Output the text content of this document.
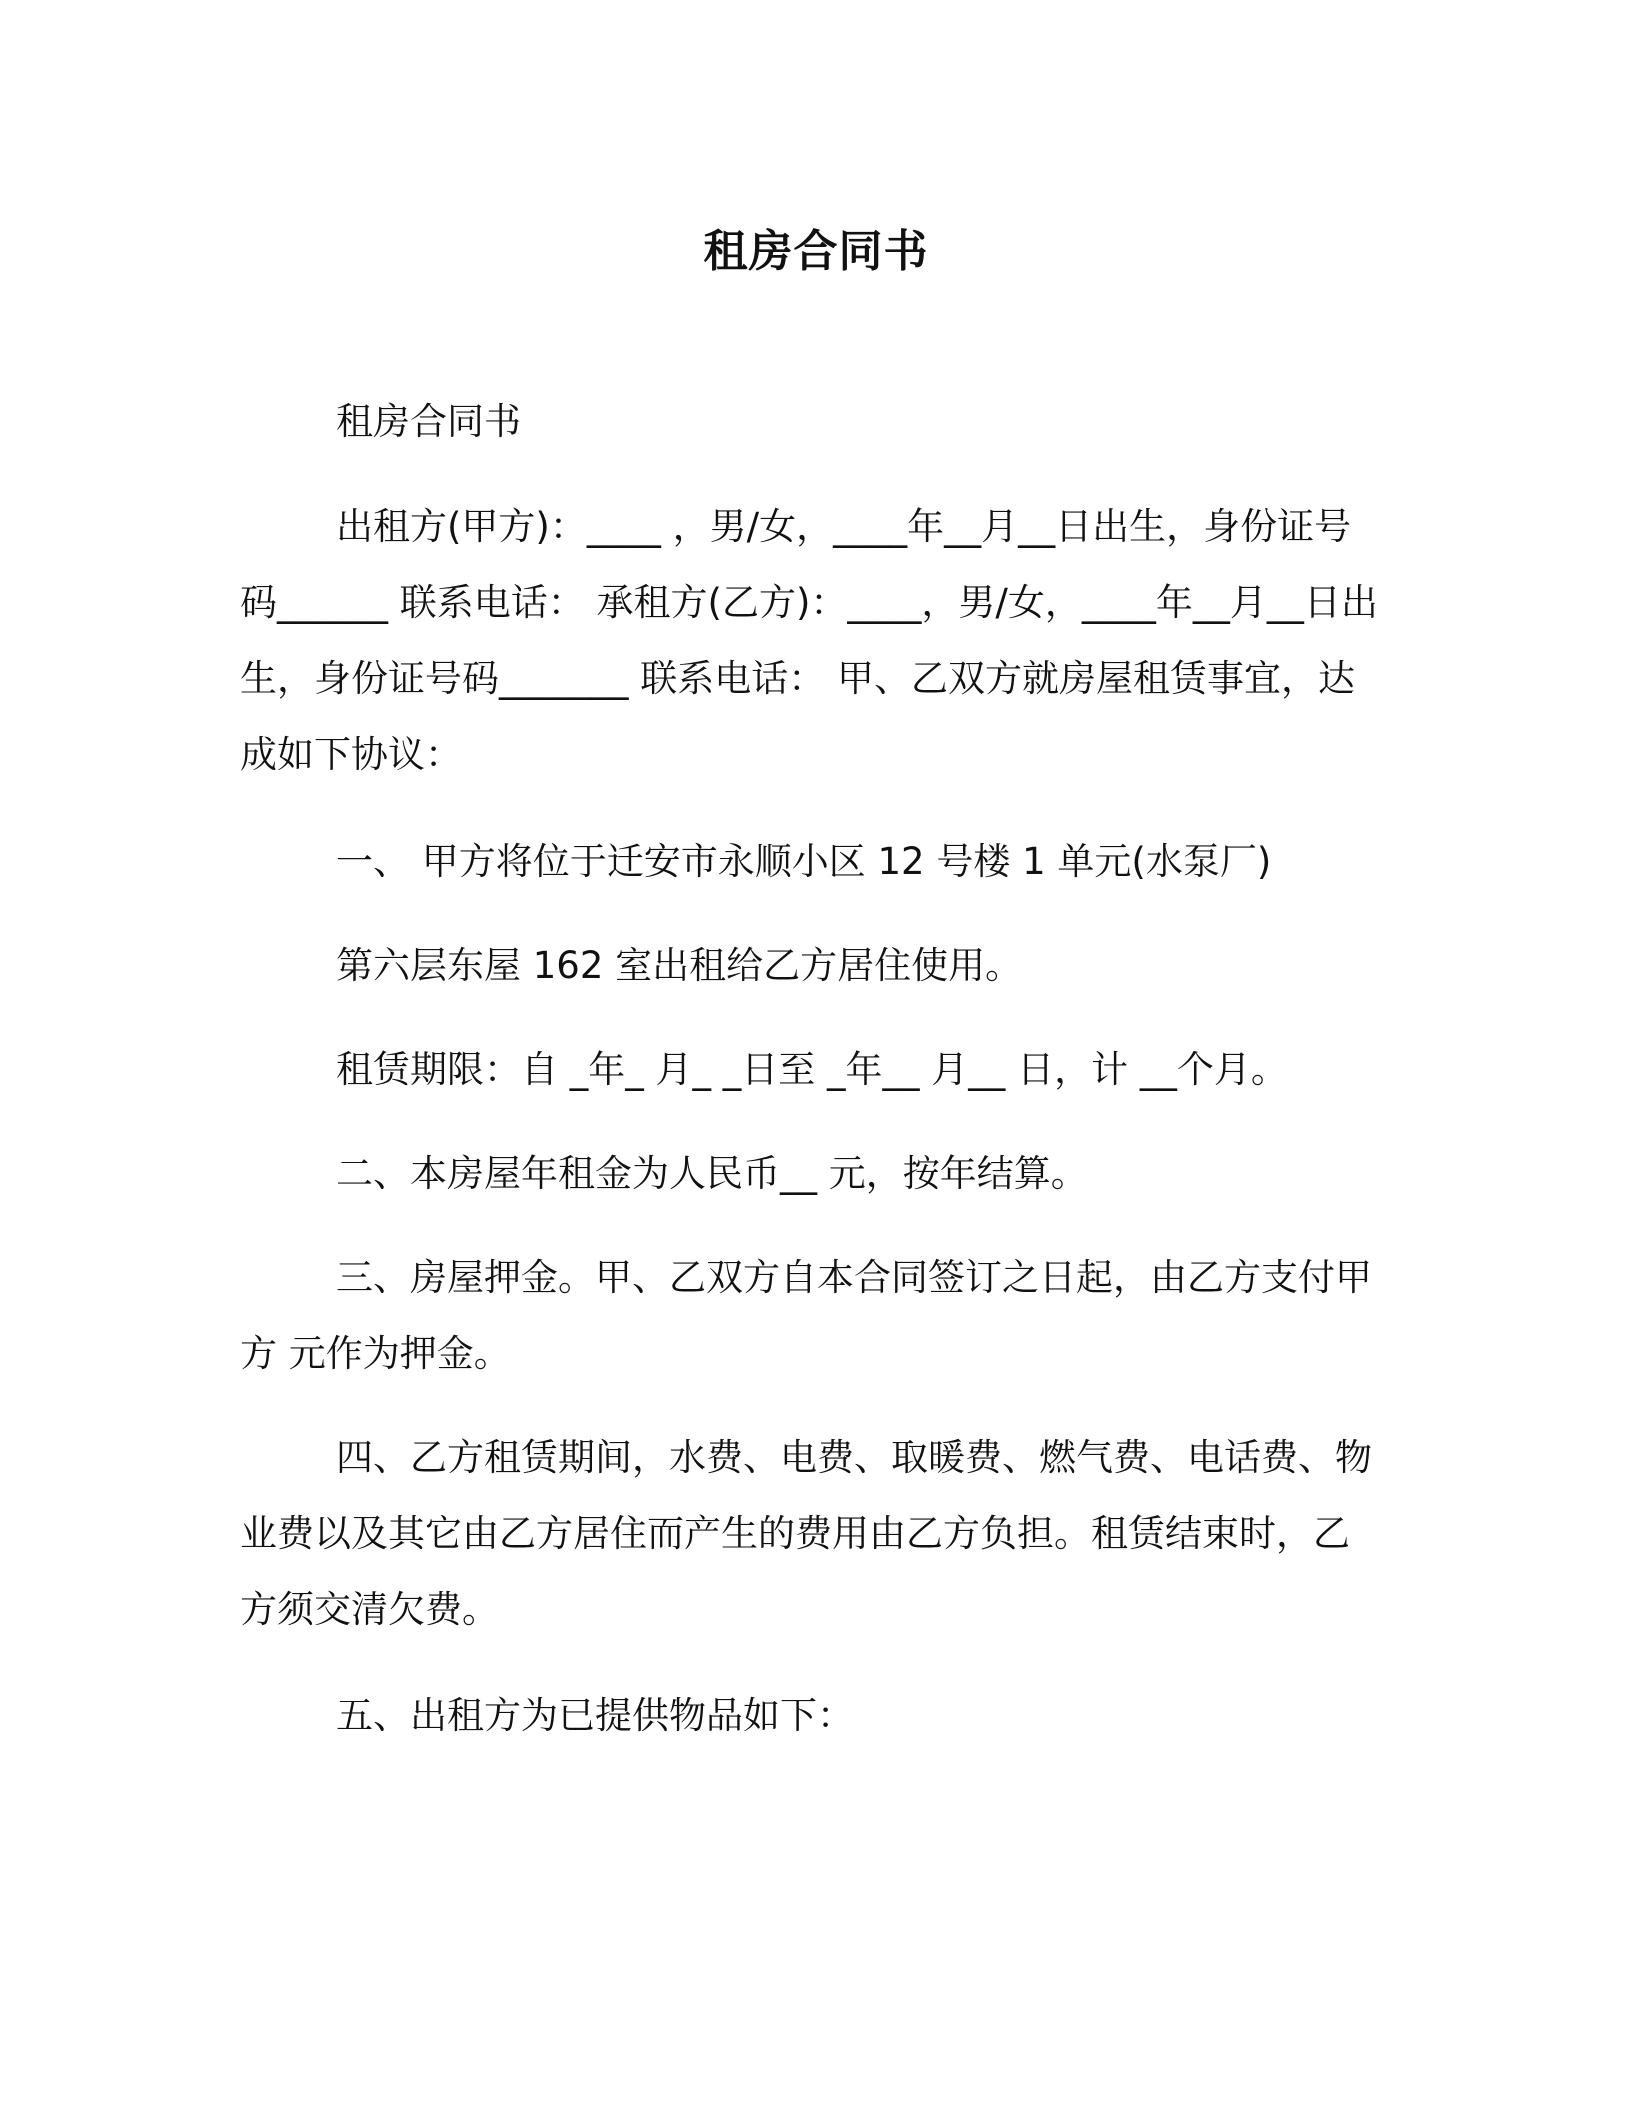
租房合同书
租房合同书
出租方(甲方)：____ ，男/女，____年__月__日出生，身份证号码______ 联系电话： 承租方(乙方)：____，男/女，____年__月__日出生，身份证号码_______ 联系电话： 甲、乙双方就房屋租赁事宜，达成如下协议：
一、 甲方将位于迁安市永顺小区 12 号楼 1 单元(水泵厂)
第六层东屋 162 室出租给乙方居住使用。
租赁期限：自 _年_ 月_ _日至 _年__ 月__ 日，计 __个月。
二、本房屋年租金为人民币__ 元，按年结算。
三、房屋押金。甲、乙双方自本合同签订之日起，由乙方支付甲方 元作为押金。
四、乙方租赁期间，水费、电费、取暖费、燃气费、电话费、物业费以及其它由乙方居住而产生的费用由乙方负担。租赁结束时，乙方须交清欠费。
五、出租方为已提供物品如下：
